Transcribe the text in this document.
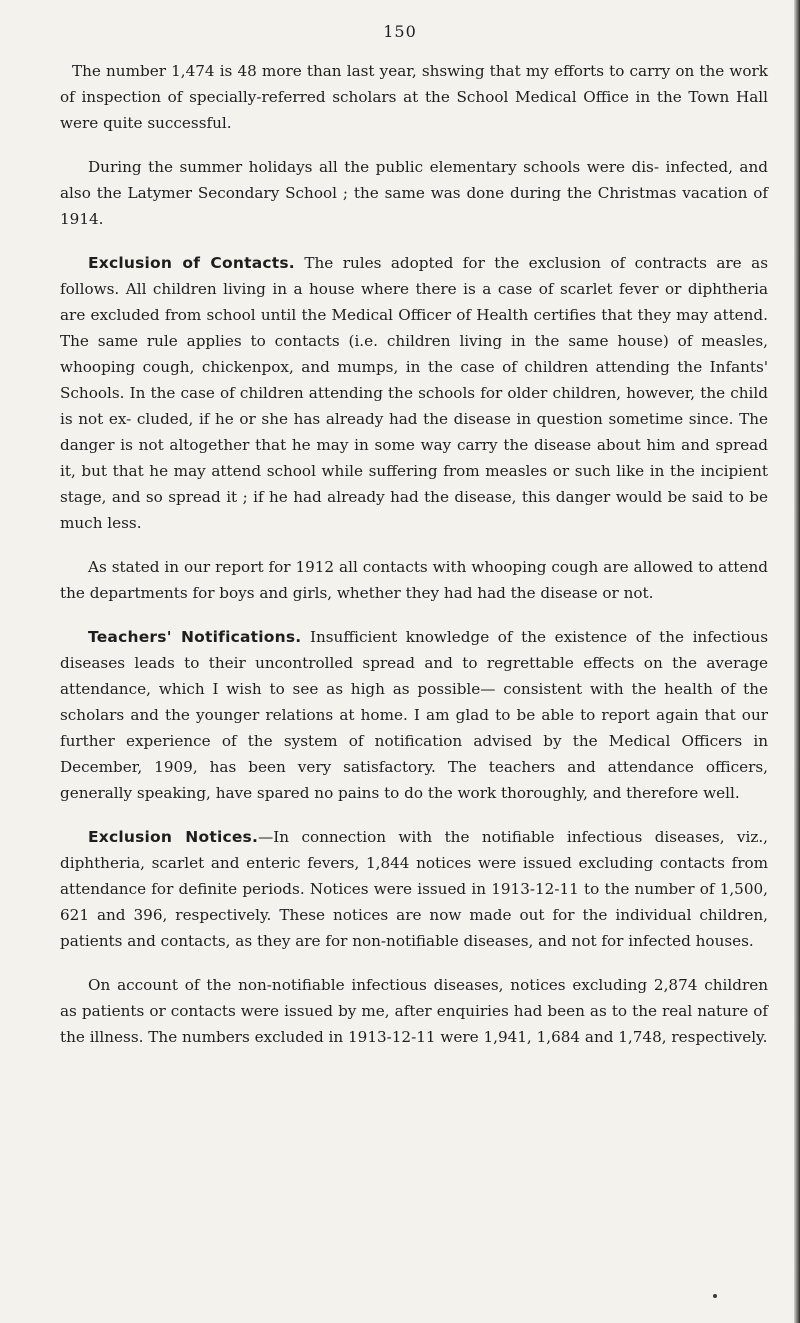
150

The number 1,474 is 48 more than last year, shswing that my efforts to carry on the work of inspection of specially-referred scholars at the School Medical Office in the Town Hall were quite successful.

During the summer holidays all the public elementary schools were dis- infected, and also the Latymer Secondary School ; the same was done during the Christmas vacation of 1914.

Exclusion of Contacts. The rules adopted for the exclusion of contracts are as follows. All children living in a house where there is a case of scarlet fever or diphtheria are excluded from school until the Medical Officer of Health certifies that they may attend. The same rule applies to contacts (i.e. children living in the same house) of measles, whooping cough, chickenpox, and mumps, in the case of children attending the Infants' Schools. In the case of children attending the schools for older children, however, the child is not ex- cluded, if he or she has already had the disease in question sometime since. The danger is not altogether that he may in some way carry the disease about him and spread it, but that he may attend school while suffering from measles or such like in the incipient stage, and so spread it ; if he had already had the disease, this danger would be said to be much less.

As stated in our report for 1912 all contacts with whooping cough are allowed to attend the departments for boys and girls, whether they had had the disease or not.

Teachers' Notifications. Insufficient knowledge of the existence of the infectious diseases leads to their uncontrolled spread and to regrettable effects on the average attendance, which I wish to see as high as possible— consistent with the health of the scholars and the younger relations at home. I am glad to be able to report again that our further experience of the system of notification advised by the Medical Officers in December, 1909, has been very satisfactory. The teachers and attendance officers, generally speaking, have spared no pains to do the work thoroughly, and therefore well.

Exclusion Notices.—In connection with the notifiable infectious diseases, viz., diphtheria, scarlet and enteric fevers, 1,844 notices were issued excluding contacts from attendance for definite periods. Notices were issued in 1913-12-11 to the number of 1,500, 621 and 396, respectively. These notices are now made out for the individual children, patients and contacts, as they are for non-notifiable diseases, and not for infected houses.

On account of the non-notifiable infectious diseases, notices excluding 2,874 children as patients or contacts were issued by me, after enquiries had been as to the real nature of the illness. The numbers excluded in 1913-12-11 were 1,941, 1,684 and 1,748, respectively.
